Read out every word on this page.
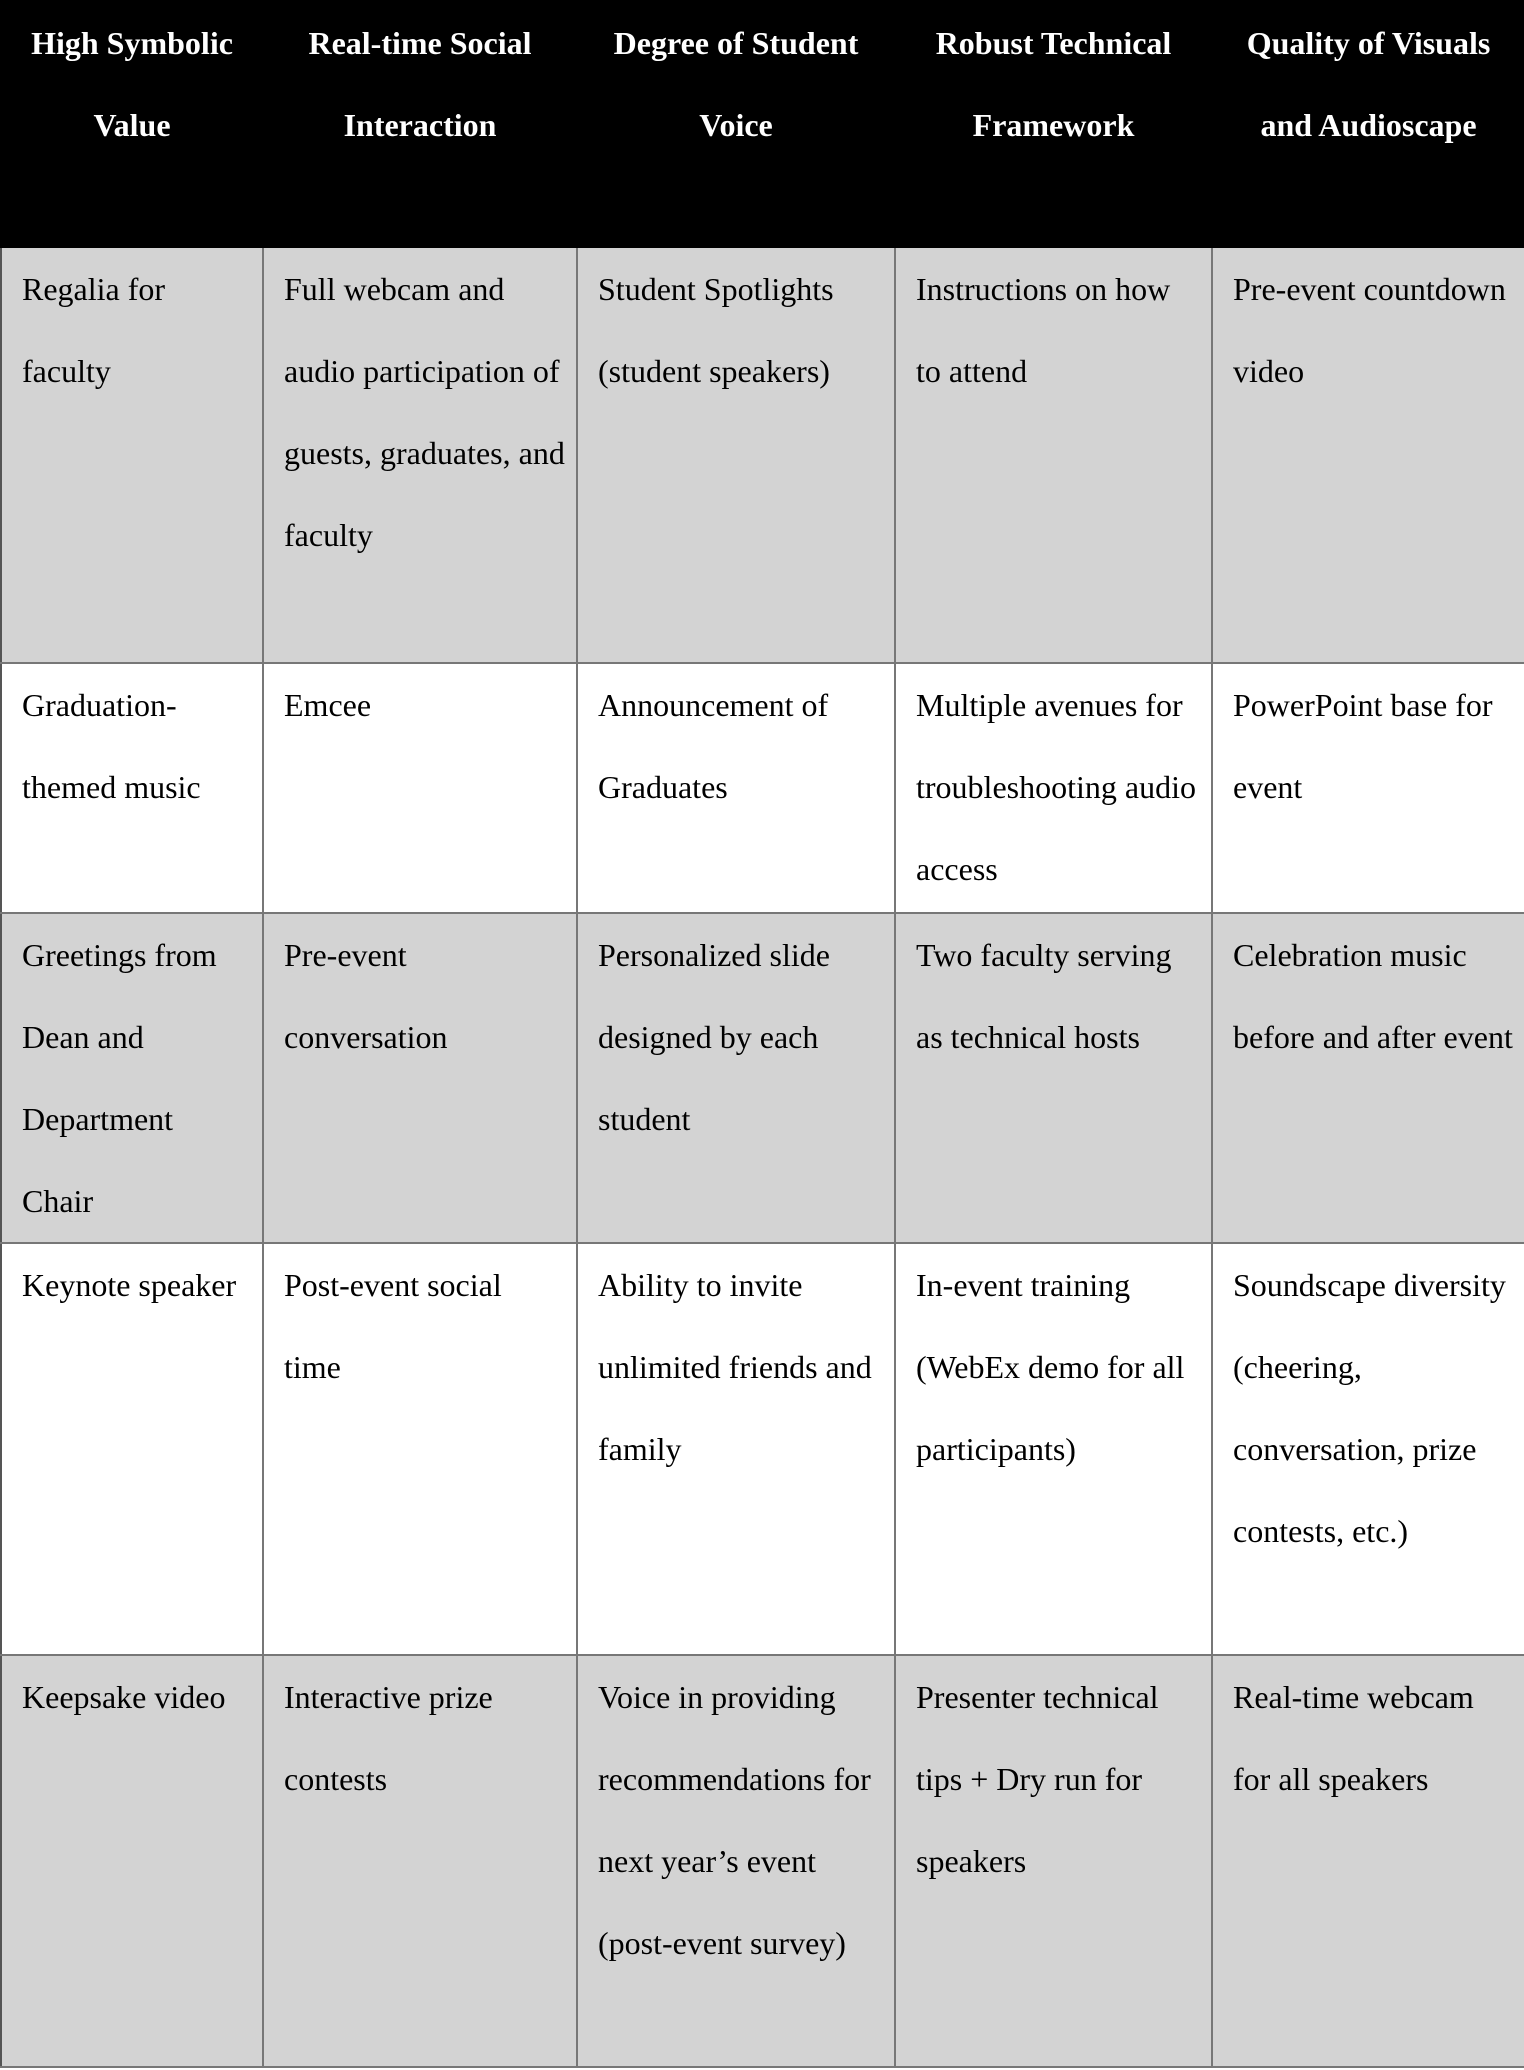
High Symbolic Value	Real-time Social Interaction	Degree of Student Voice	Robust Technical Framework	Quality of Visuals and Audioscape
Regalia for faculty	Full webcam and audio participation of guests, graduates, and faculty	Student Spotlights (student speakers)	Instructions on how to attend	Pre-event countdown video
Graduation-themed music	Emcee	Announcement of Graduates	Multiple avenues for troubleshooting audio access	PowerPoint base for event
Greetings from Dean and Department Chair	Pre-event conversation	Personalized slide designed by each student	Two faculty serving as technical hosts	Celebration music before and after event
Keynote speaker	Post-event social time	Ability to invite unlimited friends and family	In-event training (WebEx demo for all participants)	Soundscape diversity (cheering, conversation, prize contests, etc.)
Keepsake video	Interactive prize contests	Voice in providing recommendations for next year’s event (post-event survey)	Presenter technical tips + Dry run for speakers	Real-time webcam for all speakers
